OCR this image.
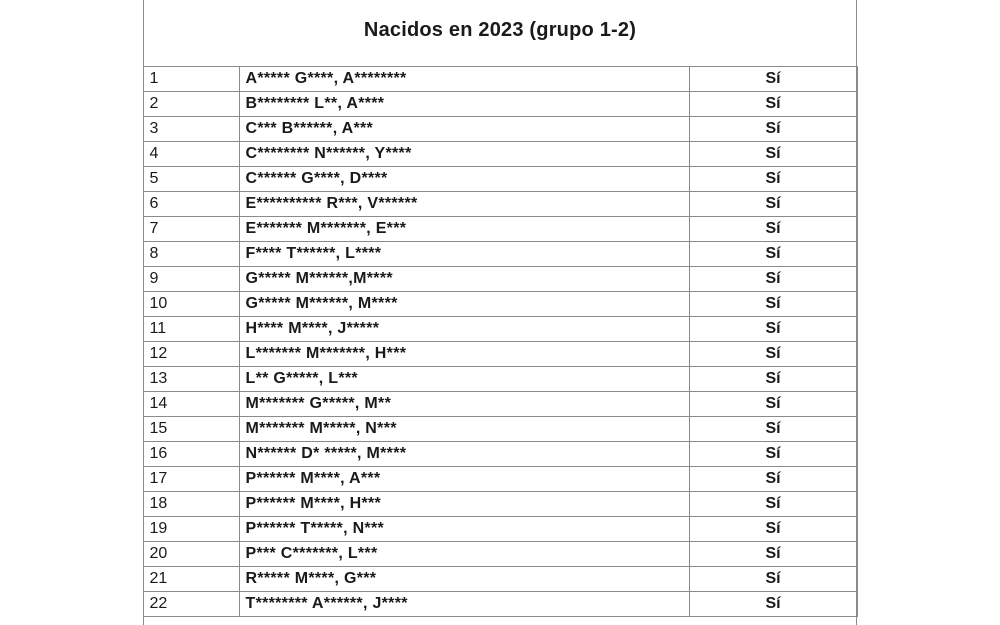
Nacidos en 2023 (grupo 1-2)
1	A***** G****, A********	Sí
2	B******** L**, A****	Sí
3	C*** B******, A***	Sí
4	C******** N******, Y****	Sí
5	C****** G****, D****	Sí
6	E********** R***, V******	Sí
7	E******* M*******, E***	Sí
8	F**** T******, L****	Sí
9	G***** M******,M****	Sí
10	G***** M******, M****	Sí
11	H**** M****, J*****	Sí
12	L******* M*******, H***	Sí
13	L** G*****, L***	Sí
14	M******* G*****, M**	Sí
15	M******* M*****, N***	Sí
16	N****** D* *****, M****	Sí
17	P****** M****, A***	Sí
18	P****** M****, H***	Sí
19	P****** T*****, N***	Sí
20	P*** C*******, L***	Sí
21	R***** M****, G***	Sí
22	T******** A******, J****	Sí
